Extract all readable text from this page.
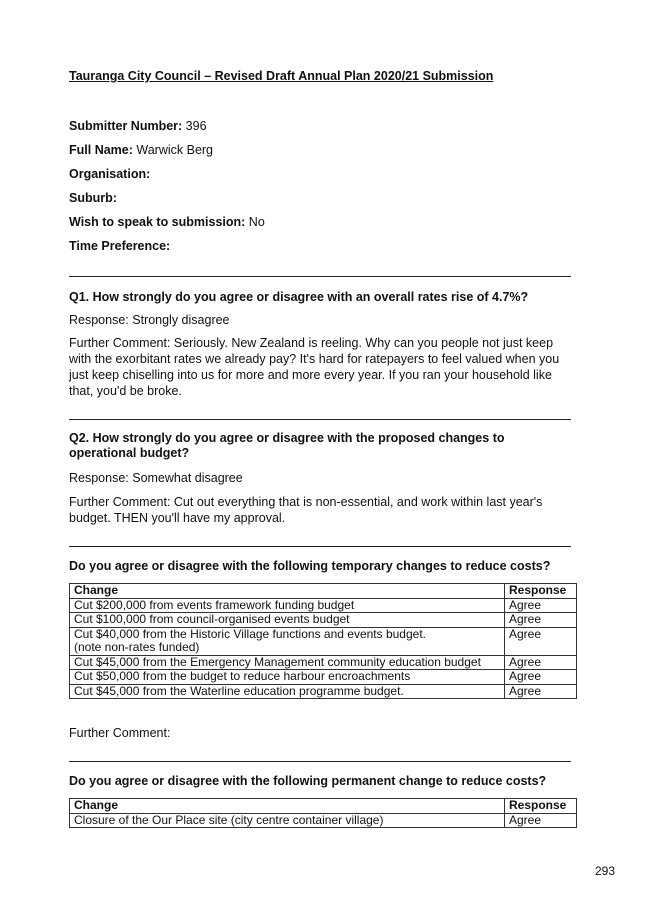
Tauranga City Council – Revised Draft Annual Plan 2020/21 Submission
Submitter Number: 396
Full Name: Warwick Berg
Organisation:
Suburb:
Wish to speak to submission: No
Time Preference:
Q1. How strongly do you agree or disagree with an overall rates rise of 4.7%?
Response: Strongly disagree
Further Comment: Seriously. New Zealand is reeling. Why can you people not just keep with the exorbitant rates we already pay? It's hard for ratepayers to feel valued when you just keep chiselling into us for more and more every year. If you ran your household like that, you'd be broke.
Q2. How strongly do you agree or disagree with the proposed changes to operational budget?
Response: Somewhat disagree
Further Comment: Cut out everything that is non-essential, and work within last year's budget. THEN you'll have my approval.
Do you agree or disagree with the following temporary changes to reduce costs?
Change	Response
Cut $200,000 from events framework funding budget	Agree
Cut $100,000 from council-organised events budget	Agree
Cut $40,000 from the Historic Village functions and events budget.
(note non-rates funded)	Agree
Cut $45,000 from the Emergency Management community education budget	Agree
Cut $50,000 from the budget to reduce harbour encroachments	Agree
Cut $45,000 from the Waterline education programme budget.	Agree
Further Comment:
Do you agree or disagree with the following permanent change to reduce costs?
Change	Response
Closure of the Our Place site (city centre container village)	Agree
293
